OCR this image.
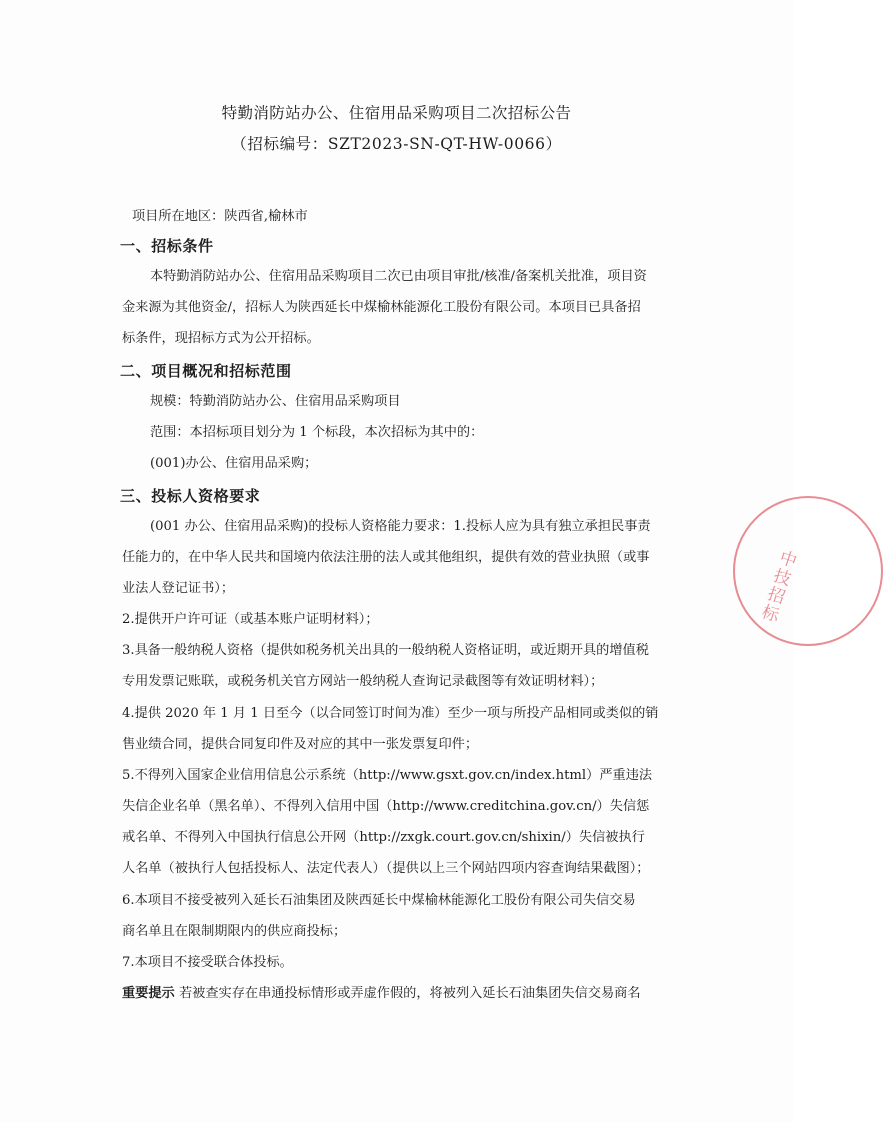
特勤消防站办公、住宿用品采购项目二次招标公告
（招标编号：SZT2023-SN-QT-HW-0066）
项目所在地区：陕西省,榆林市
一、招标条件
本特勤消防站办公、住宿用品采购项目二次已由项目审批/核准/备案机关批准，项目资
金来源为其他资金/，招标人为陕西延长中煤榆林能源化工股份有限公司。本项目已具备招
标条件，现招标方式为公开招标。
二、项目概况和招标范围
规模：特勤消防站办公、住宿用品采购项目
范围：本招标项目划分为 1 个标段，本次招标为其中的：
(001)办公、住宿用品采购；
三、投标人资格要求
(001 办公、住宿用品采购)的投标人资格能力要求：1.投标人应为具有独立承担民事责
任能力的，在中华人民共和国境内依法注册的法人或其他组织，提供有效的营业执照（或事
业法人登记证书）；
2.提供开户许可证（或基本账户证明材料）；
3.具备一般纳税人资格（提供如税务机关出具的一般纳税人资格证明，或近期开具的增值税
专用发票记账联，或税务机关官方网站一般纳税人查询记录截图等有效证明材料）；
4.提供 2020 年 1 月 1 日至今（以合同签订时间为准）至少一项与所投产品相同或类似的销
售业绩合同，提供合同复印件及对应的其中一张发票复印件；
5.不得列入国家企业信用信息公示系统（http://www.gsxt.gov.cn/index.html）严重违法
失信企业名单（黑名单）、不得列入信用中国（http://www.creditchina.gov.cn/）失信惩
戒名单、不得列入中国执行信息公开网（http://zxgk.court.gov.cn/shixin/）失信被执行
人名单（被执行人包括投标人、法定代表人）（提供以上三个网站四项内容查询结果截图）；
6.本项目不接受被列入延长石油集团及陕西延长中煤榆林能源化工股份有限公司失信交易
商名单且在限制期限内的供应商投标；
7.本项目不接受联合体投标。
重要提示 若被查实存在串通投标情形或弄虚作假的，将被列入延长石油集团失信交易商名
中技招标
